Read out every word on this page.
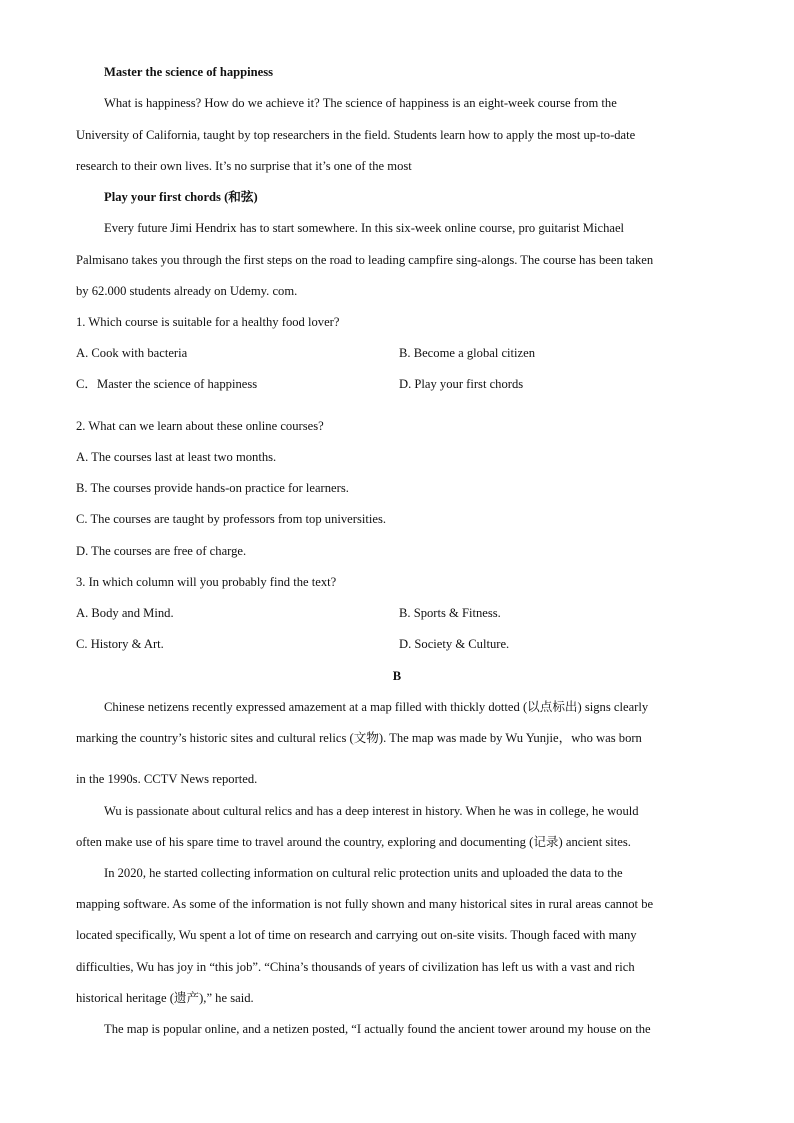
Master the science of happiness
What is happiness? How do we achieve it? The science of happiness is an eight-week course from the
University of California, taught by top researchers in the field. Students learn how to apply the most up-to-date
research to their own lives. It’s no surprise that it’s one of the most
Play your first chords (和弦)
Every future Jimi Hendrix has to start somewhere. In this six-week online course, pro guitarist Michael
Palmisano takes you through the first steps on the road to leading campfire sing-alongs. The course has been taken
by 62.000 students already on Udemy. com.
1. Which course is suitable for a healthy food lover?
A. Cook with bacteria	B. Become a global citizen
C．Master the science of happiness	D. Play your first chords
2. What can we learn about these online courses?
A. The courses last at least two months.
B. The courses provide hands-on practice for learners.
C. The courses are taught by professors from top universities.
D. The courses are free of charge.
3. In which column will you probably find the text?
A. Body and Mind.	B. Sports & Fitness.
C. History & Art.	D. Society & Culture.
B
Chinese netizens recently expressed amazement at a map filled with thickly dotted (以点标出) signs clearly
marking the country’s historic sites and cultural relics (文物). The map was made by Wu Yunjie，who was born
in the 1990s. CCTV News reported.
Wu is passionate about cultural relics and has a deep interest in history. When he was in college, he would
often make use of his spare time to travel around the country, exploring and documenting (记录) ancient sites.
In 2020, he started collecting information on cultural relic protection units and uploaded the data to the
mapping software. As some of the information is not fully shown and many historical sites in rural areas cannot be
located specifically, Wu spent a lot of time on research and carrying out on-site visits. Though faced with many
difficulties, Wu has joy in “this job”. “China’s thousands of years of civilization has left us with a vast and rich
historical heritage (遗产),” he said.
The map is popular online, and a netizen posted, “I actually found the ancient tower around my house on the
